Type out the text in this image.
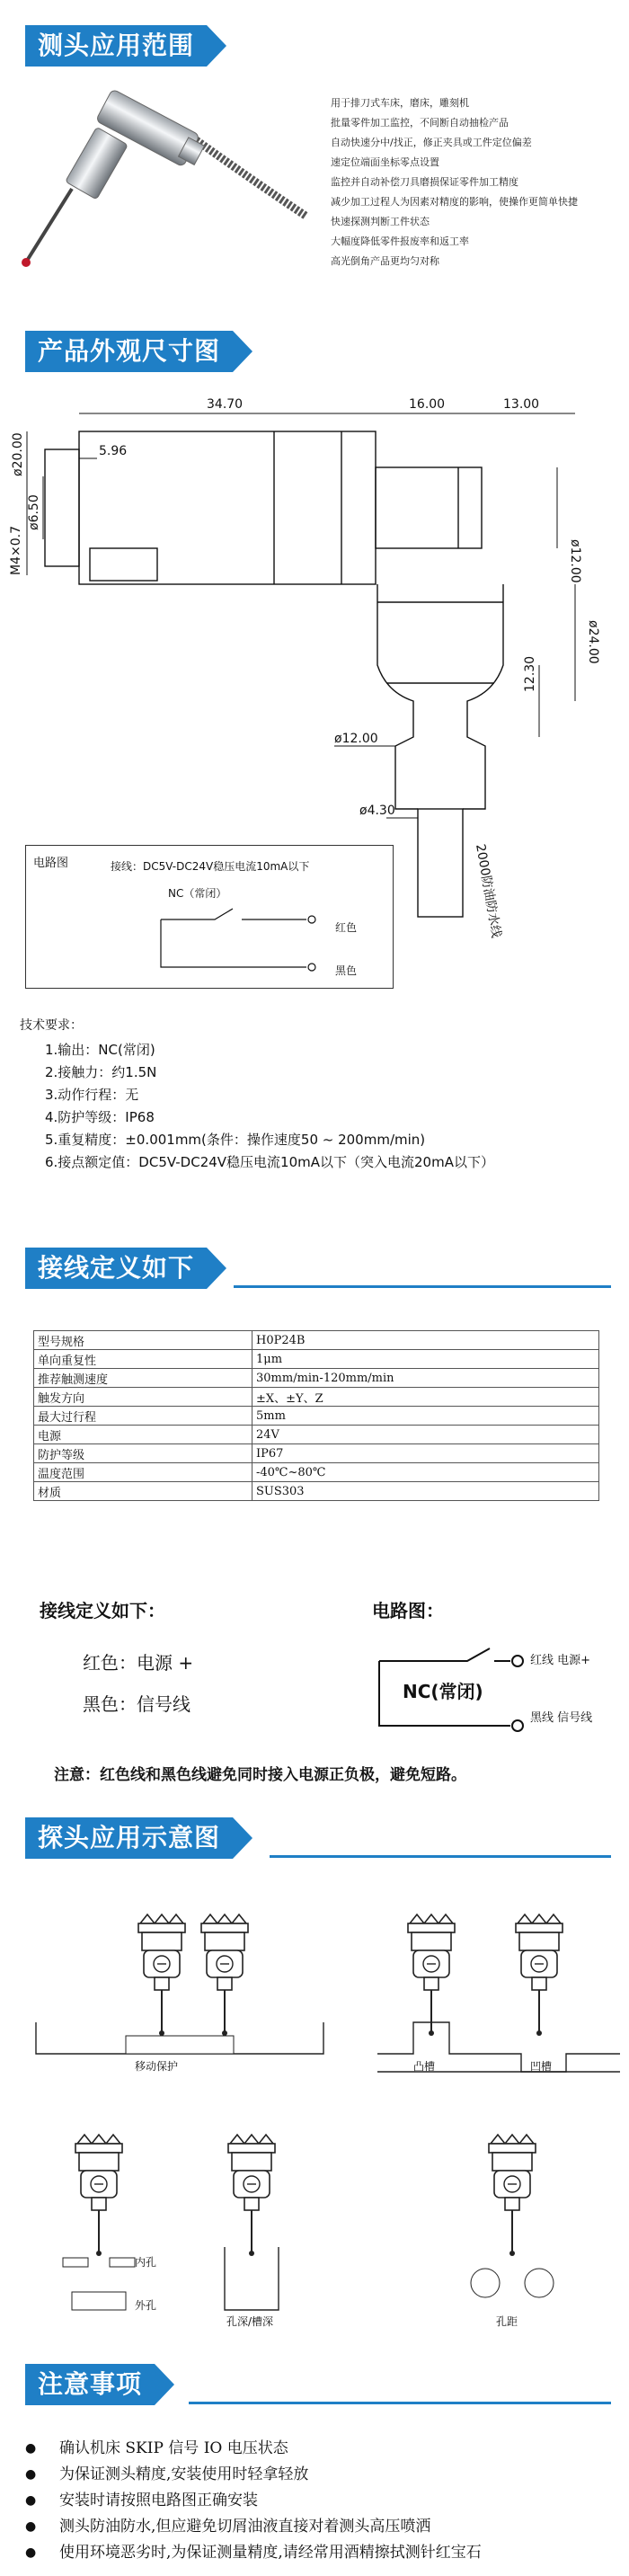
测头应用范围
用于排刀式车床，磨床，雕刻机
批量零件加工监控，不间断自动抽检产品
自动快速分中/找正，修正夹具或工件定位偏差
速定位端面坐标零点设置
监控并自动补偿刀具磨损保证零件加工精度
减少加工过程人为因素对精度的影响，使操作更简单快捷
快速探测判断工件状态
大幅度降低零件报废率和返工率
高光倒角产品更均匀对称
产品外观尺寸图
34.70	16.00	13.00
ø20.00	5.96
ø6.50
M4×0.7	ø12.00
12.30
ø24.00
ø12.00
ø4.30
2000防油防水线
电路图	接线：DC5V-DC24V稳压电流10mA以下
NC（常闭）
红色
黑色
技术要求：
1.输出：NC(常闭)
2.接触力：约1.5N
3.动作行程：无
4.防护等级：IP68
5.重复精度：±0.001mm(条件：操作速度50 ~ 200mm/min)
6.接点额定值：DC5V-DC24V稳压电流10mA以下（突入电流20mA以下）
接线定义如下
型号规格	H0P24B
单向重复性	1μm
推荐触测速度	30mm/min-120mm/min
触发方向	±X、±Y、Z
最大过行程	5mm
电源	24V
防护等级	IP67
温度范围	-40℃~80℃
材质	SUS303
接线定义如下：	电路图：
红色：电源 +
黑色：信号线
NC(常闭)
红线 电源+
黑线 信号线
注意：红色线和黑色线避免同时接入电源正负极，避免短路。
探头应用示意图
移动保护	凸槽	凹槽
内孔
外孔
孔深/槽深	孔距
注意事项
● 确认机床 SKIP 信号 IO 电压状态
● 为保证测头精度,安装使用时轻拿轻放
● 安装时请按照电路图正确安装
● 测头防油防水,但应避免切屑油液直接对着测头高压喷洒
● 使用环境恶劣时,为保证测量精度,请经常用酒精擦拭测针红宝石
